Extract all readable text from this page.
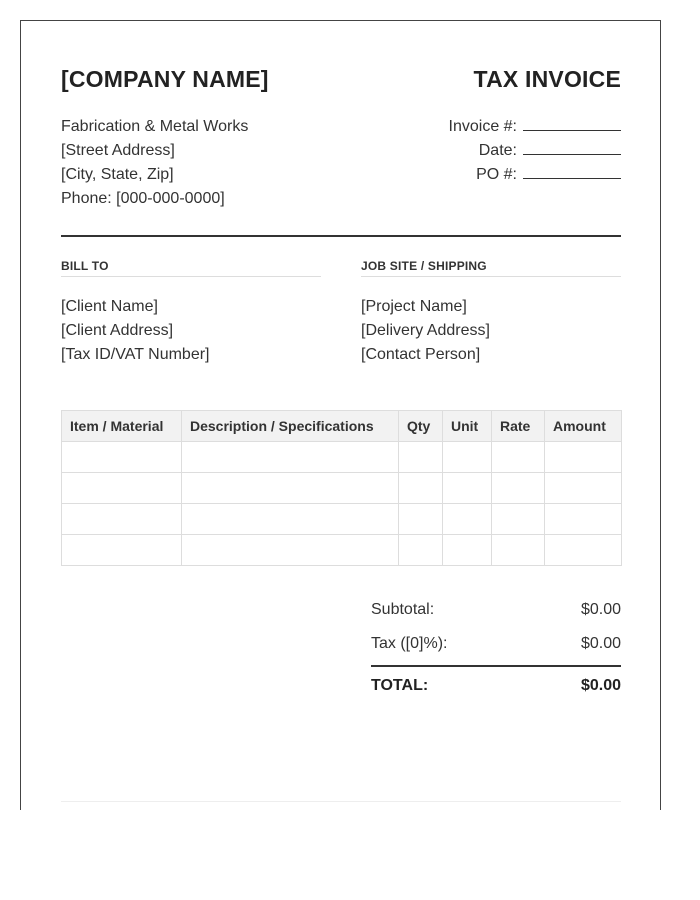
[COMPANY NAME]	TAX INVOICE
Fabrication & Metal Works
[Street Address]
[City, State, Zip]
Phone: [000-000-0000]
Invoice #:
Date:
PO #:
BILL TO
[Client Name]
[Client Address]
[Tax ID/VAT Number]
JOB SITE / SHIPPING
[Project Name]
[Delivery Address]
[Contact Person]
Item / Material	Description / Specifications	Qty	Unit	Rate	Amount

Subtotal:	$0.00
Tax ([0]%):	$0.00
TOTAL:	$0.00
